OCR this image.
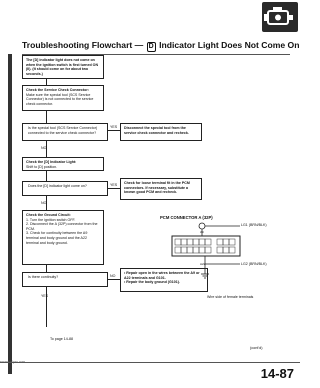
Troubleshooting Flowchart — D Indicator Light Does Not Come On
The [D] indicator light does not come on when the ignition switch is first turned ON (II). (It should come on for about two seconds.)
Check the Service Check Connector:
Make sure the special tool (SCS Service Connector) is not connected to the service check connector.
Is the special tool (SCS Service Connector) connected to the service check connector?
YES	Disconnect the special tool from the service check connector and recheck.
NO
Check the [D] Indicator Light:
Shift to [D] position.
Does the [D] indicator light come on?	YES	Check for loose terminal fit in the PCM connectors. If necessary, substitute a known good PCM and recheck.
NO
Check the Ground Circuit:
1. Turn the ignition switch OFF.
2. Disconnect the A (32P) connector from the PCM.
3. Check for continuity between the A9 terminal and body ground and the A22 terminal and body ground.
Is there continuity?	NO
• Repair open in the wires between the A9 or A22 terminals and G101.
• Repair the body ground (G101).
YES
To page 14-88
PCM CONNECTOR A (32P)
A9
A22
LG1 (BRN/BLK)
LG2 (BRN/BLK)
Wire side of female terminals
(cont'd)
emanualpro.com
14-87
